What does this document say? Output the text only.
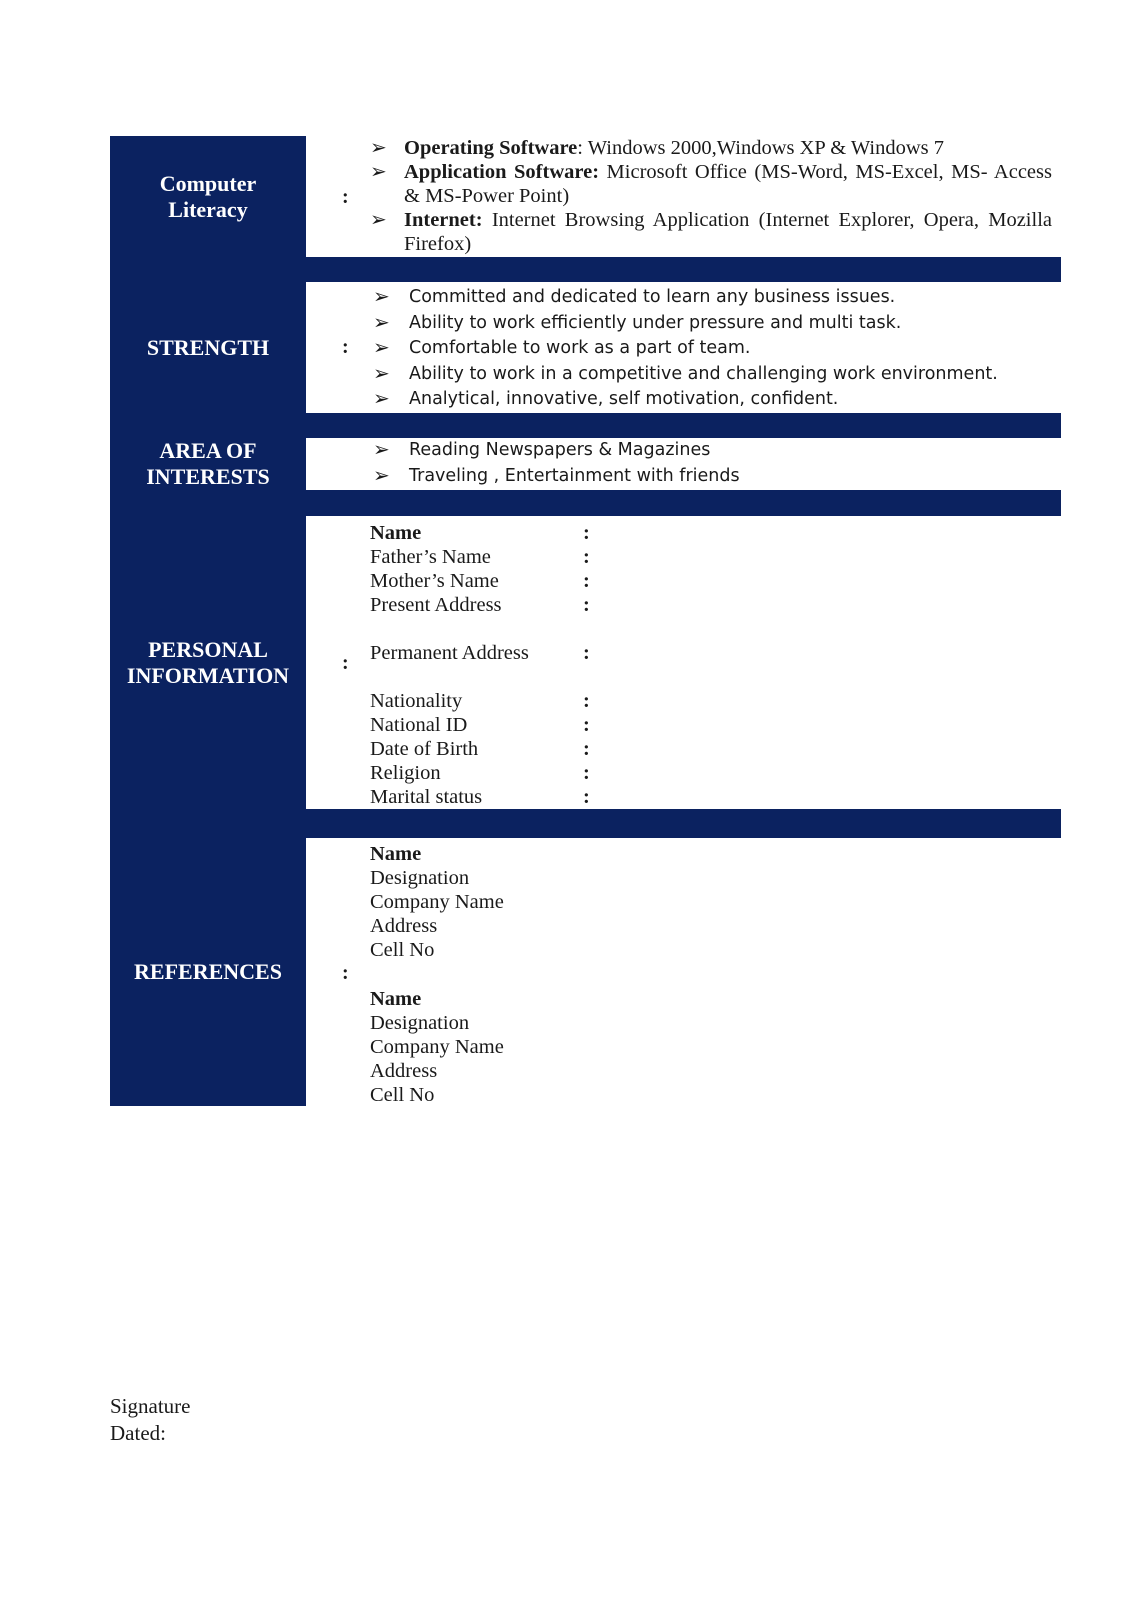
Computer
Literacy	:
➢ Operating Software: Windows 2000,Windows XP & Windows 7
➢ Application Software: Microsoft Office (MS-Word, MS-Excel, MS- Access & MS-Power Point)
➢ Internet: Internet Browsing Application (Internet Explorer, Opera, Mozilla Firefox)
STRENGTH	:
➢ Committed and dedicated to learn any business issues.
➢ Ability to work efficiently under pressure and multi task.
➢ Comfortable to work as a part of team.
➢ Ability to work in a competitive and challenging work environment.
➢ Analytical, innovative, self motivation, confident.
AREA OF
INTERESTS
➢ Reading Newspapers & Magazines
➢ Traveling , Entertainment with friends
PERSONAL
INFORMATION	:
Name	:
Father’s Name	:
Mother’s Name	:
Present Address	:
Permanent Address	:
Nationality	:
National ID	:
Date of Birth	:
Religion	:
Marital status	:
REFERENCES	:
Name
Designation
Company Name
Address
Cell No
Name
Designation
Company Name
Address
Cell No
Signature
Dated:
